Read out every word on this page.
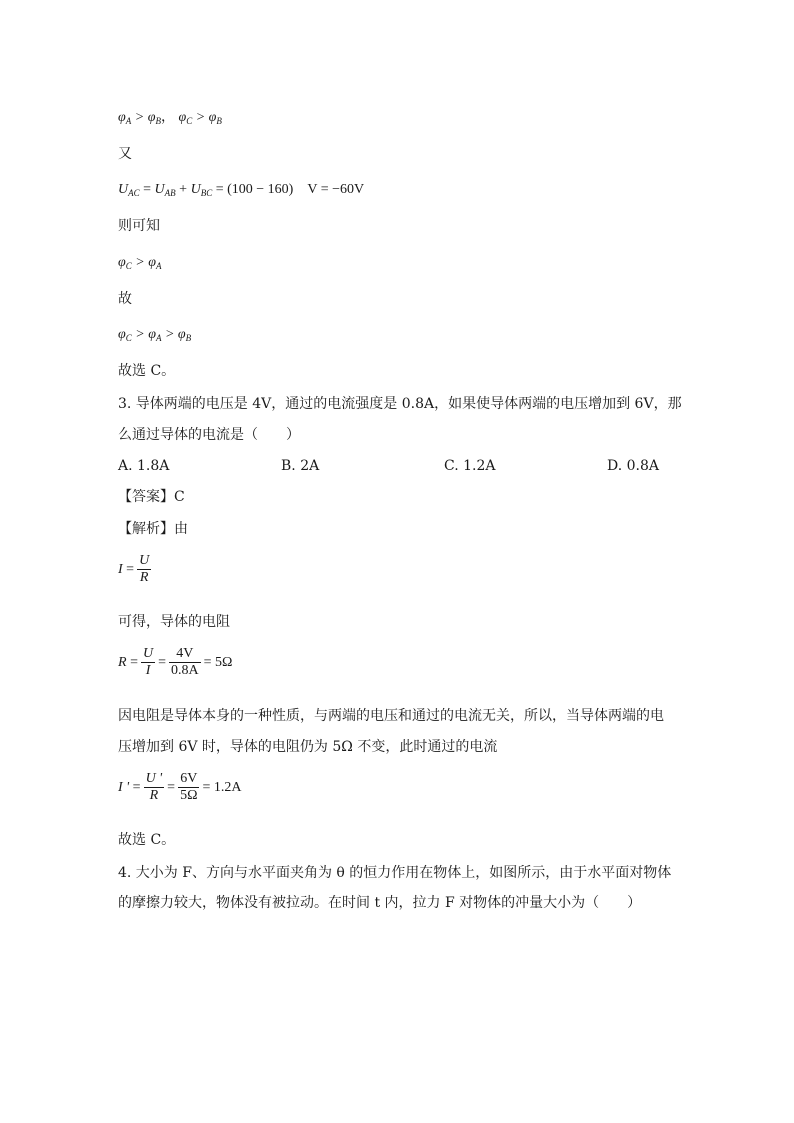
$\varphi_A > \varphi_B$， $\varphi_C > \varphi_B$
又
$U_{AC} = U_{AB} + U_{BC} = (100 - 160)$　V = −60V
则可知
$\varphi_C > \varphi_A$
故
$\varphi_C > \varphi_A > \varphi_B$
故选 C。
3. 导体两端的电压是 4V，通过的电流强度是 0.8A，如果使导体两端的电压增加到 6V，那
么通过导体的电流是（　　）
A. 1.8A	B. 2A	C. 1.2A	D. 0.8A
【答案】C
【解析】由
$I = \frac{U}{R}$
可得，导体的电阻
$R = \frac{U}{I} = \frac{4V}{0.8A} = 5\Omega$
因电阻是导体本身的一种性质，与两端的电压和通过的电流无关，所以，当导体两端的电
压增加到 6V 时，导体的电阻仍为 5Ω 不变，此时通过的电流
I ' = $\frac{U '}{R} = \frac{6V}{5\Omega} = 1.2A$
故选 C。
4. 大小为 F、方向与水平面夹角为 θ 的恒力作用在物体上，如图所示，由于水平面对物体
的摩擦力较大，物体没有被拉动。在时间 t 内，拉力 F 对物体的冲量大小为（　　）
